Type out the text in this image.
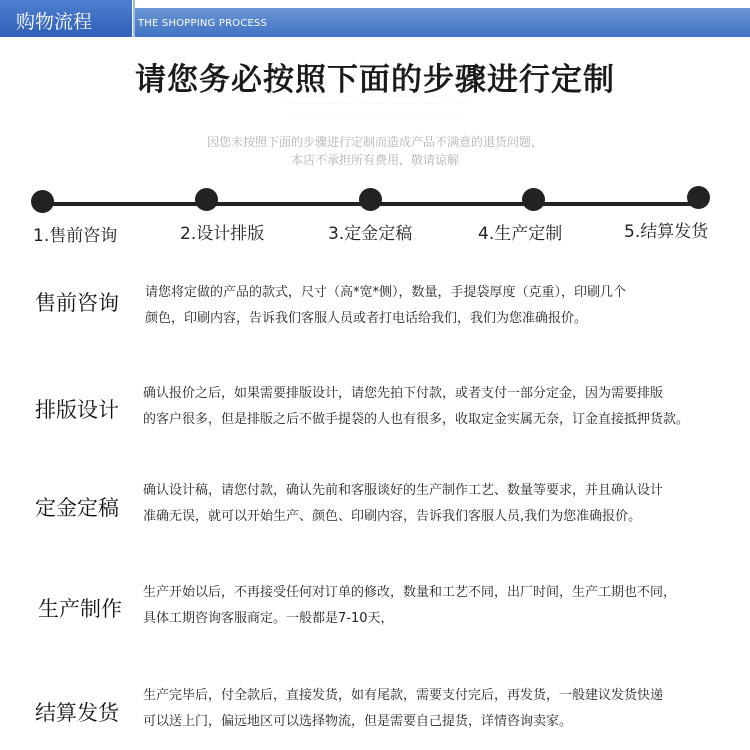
购物流程	THE SHOPPING PROCESS
请您务必按照下面的步骤进行定制
· · · · · · · · · · · · · · · · · · · · · · · · · · · · · · · · · · · · · · · · · · · ·
· · · · · · · · · · · · · · · · · · · · · · · · · · · · · · · · · · · · · · · · · ·
因您未按照下面的步骤进行定制而造成产品不满意的退货问题，
本店不承担所有费用，敬请谅解
1.售前咨询	2.设计排版	3.定金定稿	4.生产定制	5.结算发货
售前咨询 请您将定做的产品的款式，尺寸（高*宽*侧），数量，手提袋厚度（克重），印刷几个
颜色，印刷内容，告诉我们客服人员或者打电话给我们，我们为您准确报价。
排版设计
确认报价之后，如果需要排版设计，请您先拍下付款，或者支付一部分定金，因为需要排版
的客户很多，但是排版之后不做手提袋的人也有很多，收取定金实属无奈，订金直接抵押货款。
定金定稿
确认设计稿，请您付款，确认先前和客服谈好的生产制作工艺、数量等要求，并且确认设计
准确无误，就可以开始生产、颜色、印刷内容，告诉我们客服人员,我们为您准确报价。
生产制作
生产开始以后，不再接受任何对订单的修改，数量和工艺不同，出厂时间，生产工期也不同，
具体工期咨询客服商定。一般都是7-10天，
结算发货
生产完毕后，付全款后，直接发货，如有尾款，需要支付完后，再发货，一般建议发货快递
可以送上门，偏远地区可以选择物流，但是需要自己提货，详情咨询卖家。
